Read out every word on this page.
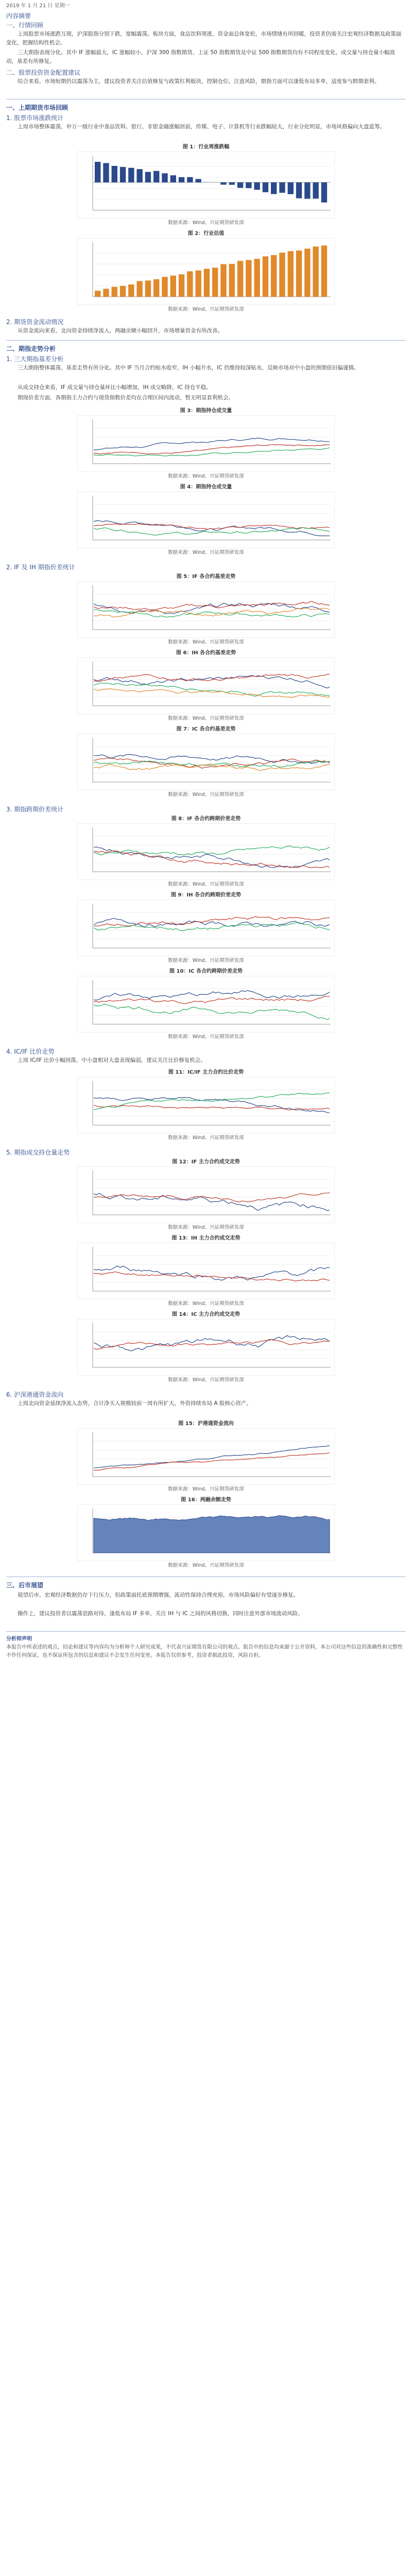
2019 年 1 月 21 日 星期一
内容摘要
一、行情回顾
上周股票市场涨跌互现，沪深股指分别下跌，宽幅震荡。板块方面，食品饮料领涨，资金面总体宽松，市场情绪有所回暖，投资者仍需关注宏观经济数据及政策面变化，把握结构性机会。
三大期指表现分化。其中 IF 涨幅最大，IC 涨幅较小，沪深 300 指数期货、上证 50 指数期货及中证 500 指数期货均有不同程度变化，成交量与持仓量小幅波动，基差有所修复。
二、股票投资资金配置建议
综合来看，市场短期仍以震荡为主，建议投资者关注估值修复与政策红利板块，控制仓位，注意风险，期指方面可以逢低布局多单，适度参与跨期套利。
一、上期期货市场回顾
1. 股票市场涨跌统计
上周市场整体震荡，申万一级行业中食品饮料、银行、非银金融涨幅居前，传媒、电子、计算机等行业跌幅较大，行业分化明显，市场风格偏向大盘蓝筹。
图 1：行业周涨跌幅
数据来源：Wind、兴证期货研发部
图 2：行业估值
数据来源：Wind、兴证期货研发部
2. 期货资金流动情况
从资金流向来看，北向资金持续净流入，两融余额小幅回升，市场增量资金有所改善。
二、期指走势分析
1. 三大期指基差分析
三大期指整体震荡，基差走势有所分化。其中 IF 当月合约贴水收窄，IH 小幅升水，IC 仍维持较深贴水，反映市场对中小盘的预期依旧偏谨慎。
从成交持仓来看，IF 成交量与持仓量环比小幅增加，IH 成交略降，IC 持仓平稳。
期现价差方面，各期指主力合约与现货指数价差均在合理区间内波动，暂无明显套利机会。
图 3：期指持仓成交量
数据来源：Wind、兴证期货研发部
图 4：期指持仓成交量
数据来源：Wind、兴证期货研发部
2. IF 及 IH 期指价差统计
图 5：IF 各合约基差走势
数据来源：Wind、兴证期货研发部
图 6：IH 各合约基差走势
数据来源：Wind、兴证期货研发部
图 7：IC 各合约基差走势
数据来源：Wind、兴证期货研发部
3. 期指跨期价差统计
图 8：IF 各合约跨期价差走势
数据来源：Wind、兴证期货研发部
图 9：IH 各合约跨期价差走势
数据来源：Wind、兴证期货研发部
图 10：IC 各合约跨期价差走势
数据来源：Wind、兴证期货研发部
4. IC/IF 比价走势
上周 IC/IF 比价小幅回落，中小盘相对大盘表现偏弱，建议关注比价修复机会。
图 11：IC/IF 主力合约比价走势
数据来源：Wind、兴证期货研发部
5. 期指成交持仓量走势
图 12：IF 主力合约成交走势
数据来源：Wind、兴证期货研发部
图 13：IH 主力合约成交走势
数据来源：Wind、兴证期货研发部
图 14：IC 主力合约成交走势
数据来源：Wind、兴证期货研发部
6. 沪深港通资金流向
上周北向资金延续净流入态势，合计净买入规模较前一周有所扩大，外资持续布局 A 股核心资产。
图 15：沪港通资金流向
数据来源：Wind、兴证期货研发部
图 16：两融余额走势
数据来源：Wind、兴证期货研发部
三、后市展望
展望后市，宏观经济数据仍存下行压力，但政策面托底预期增强，流动性保持合理充裕，市场风险偏好有望逐步修复。
操作上，建议投资者以震荡思路对待，逢低布局 IF 多单，关注 IH 与 IC 之间的风格切换，同时注意外部市场波动风险。
分析师声明
本报告中所表述的观点，结论和建议等内容均为分析师个人研究成果，不代表兴证期货有限公司的观点。报告中的信息均来源于公开资料，本公司对这些信息的准确性和完整性不作任何保证，也不保证所包含的信息和建议不会发生任何变更。本报告仅供参考，投资者据此投资，风险自担。
